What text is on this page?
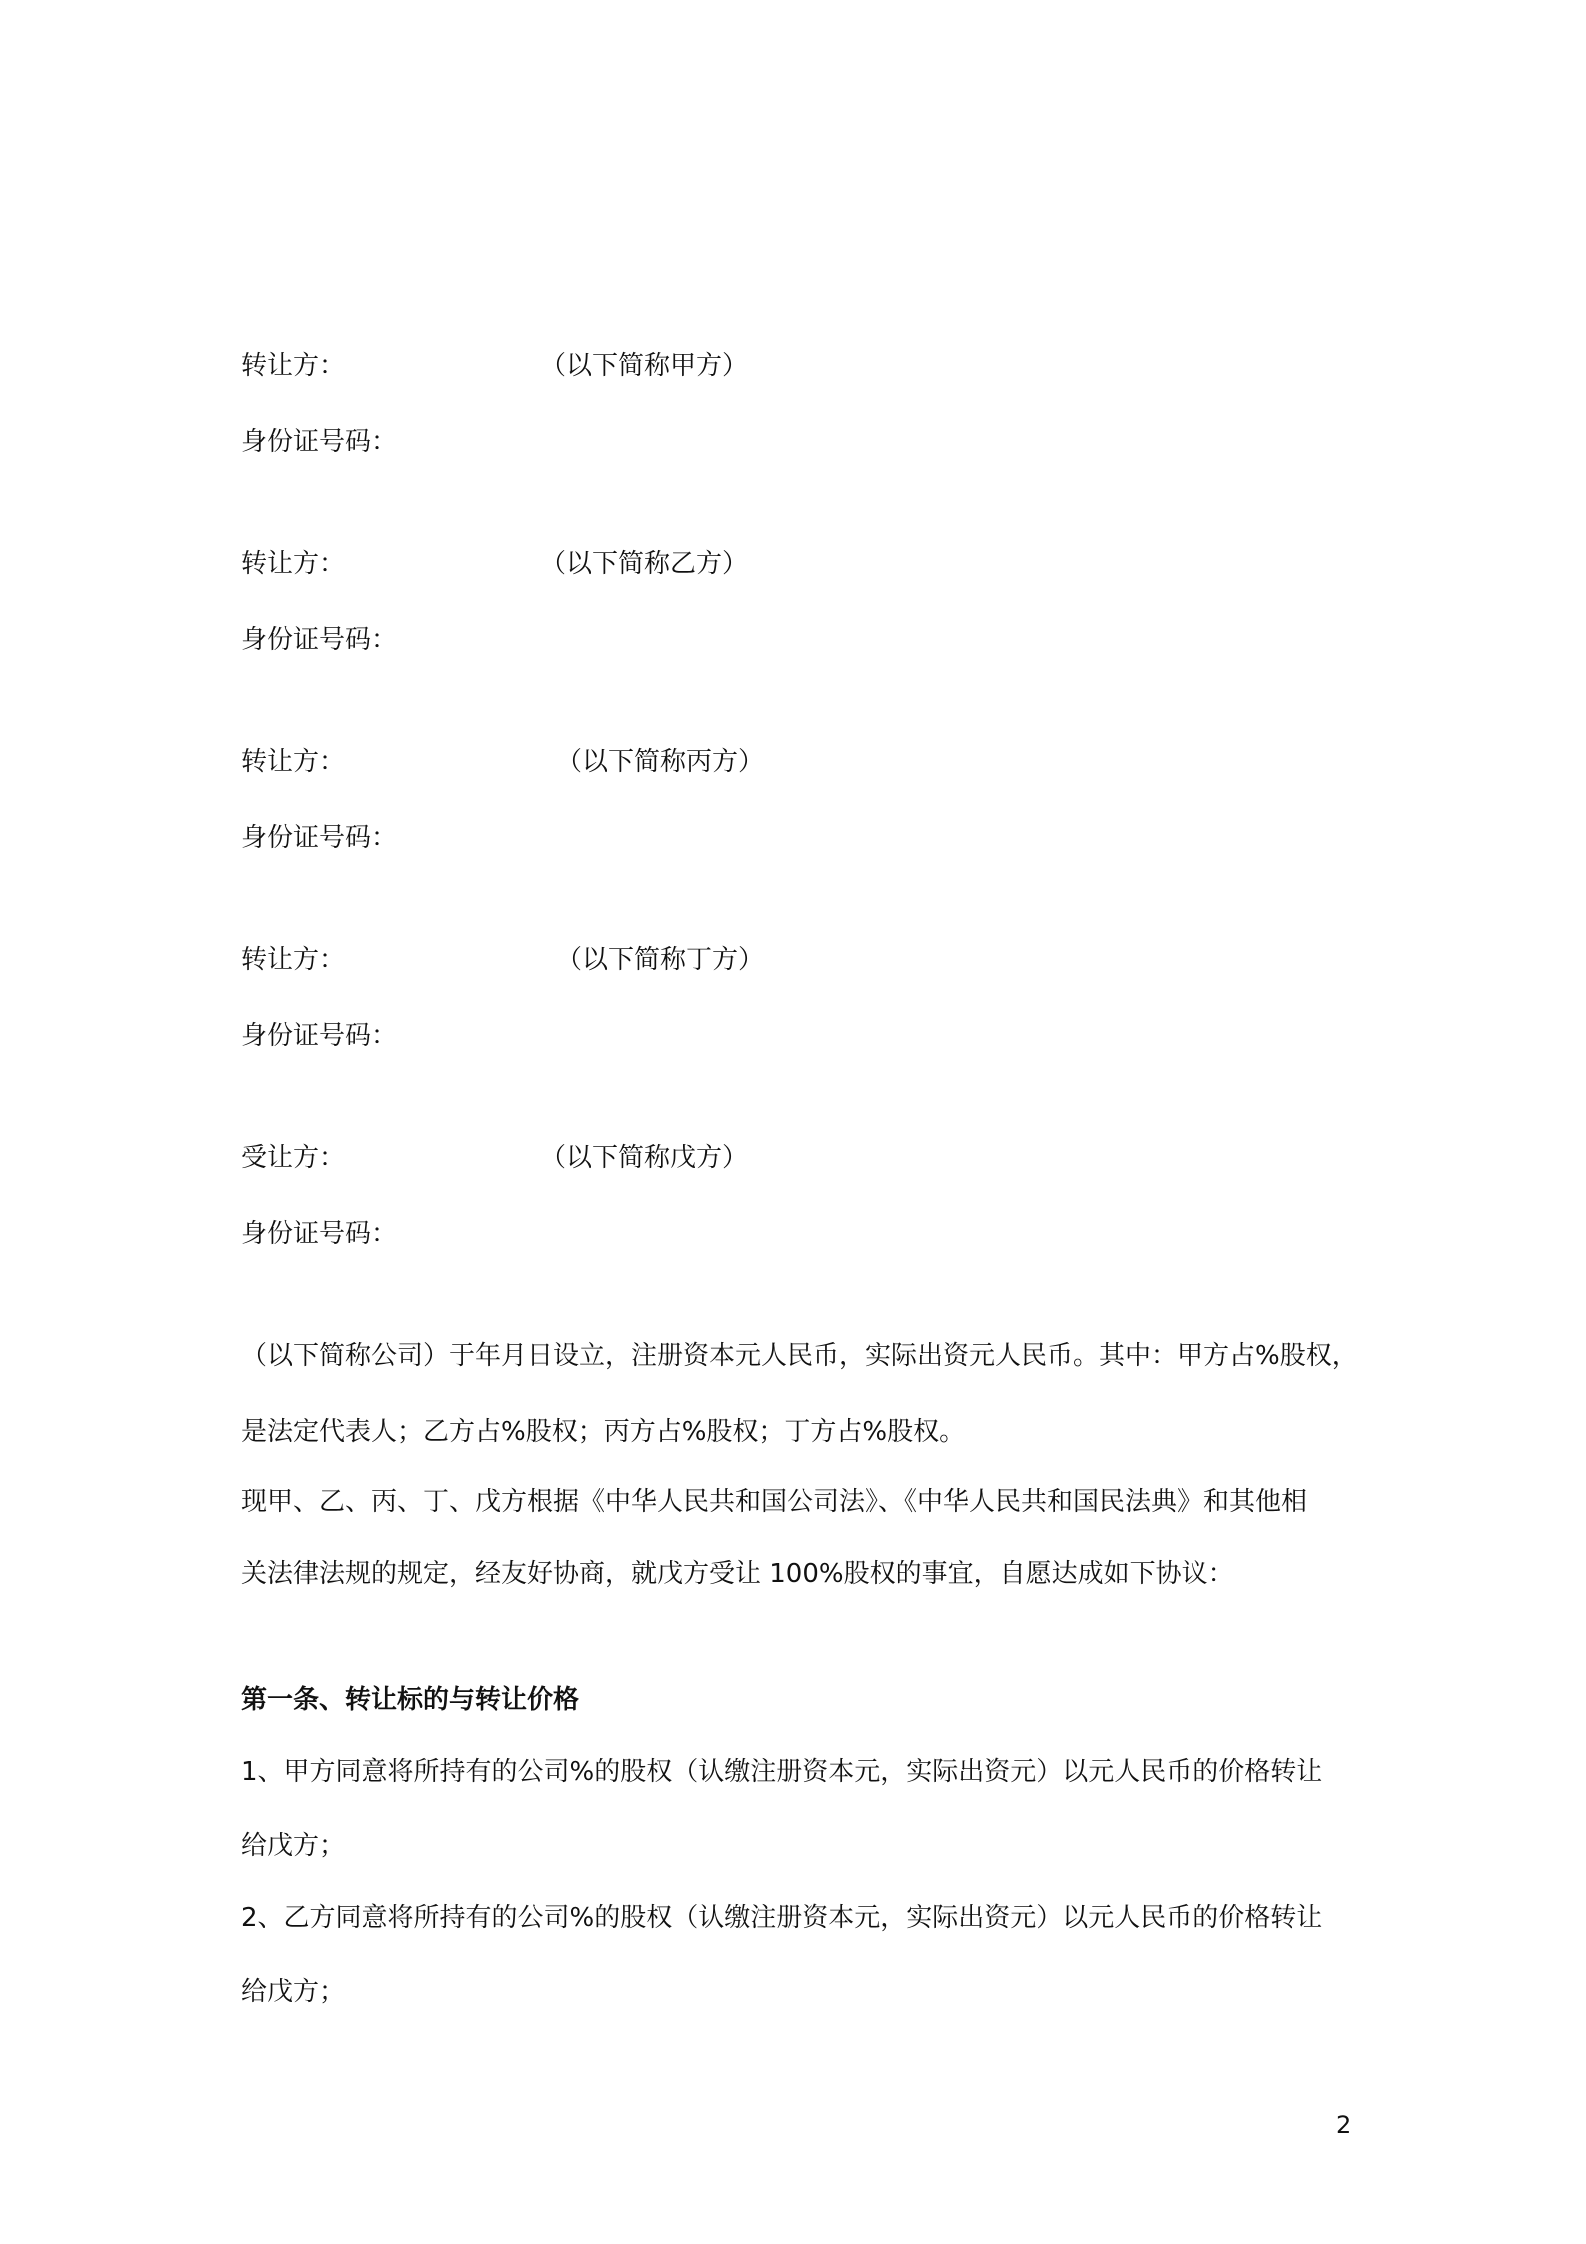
转让方：	（以下简称甲方）
身份证号码：
转让方：	（以下简称乙方）
身份证号码：
转让方：	（以下简称丙方）
身份证号码：
转让方：	（以下简称丁方）
身份证号码：
受让方：	（以下简称戊方）
身份证号码：
（以下简称公司）于年月日设立，注册资本元人民币，实际出资元人民币。其中：甲方占%股权，
是法定代表人；乙方占%股权；丙方占%股权；丁方占%股权。
现甲、乙、丙、丁、戊方根据《中华人民共和国公司法》、《中华人民共和国民法典》和其他相
关法律法规的规定，经友好协商，就戊方受让 100%股权的事宜，自愿达成如下协议：
第一条、转让标的与转让价格
1、甲方同意将所持有的公司%的股权（认缴注册资本元，实际出资元）以元人民币的价格转让
给戊方；
2、乙方同意将所持有的公司%的股权（认缴注册资本元，实际出资元）以元人民币的价格转让
给戊方；
2
